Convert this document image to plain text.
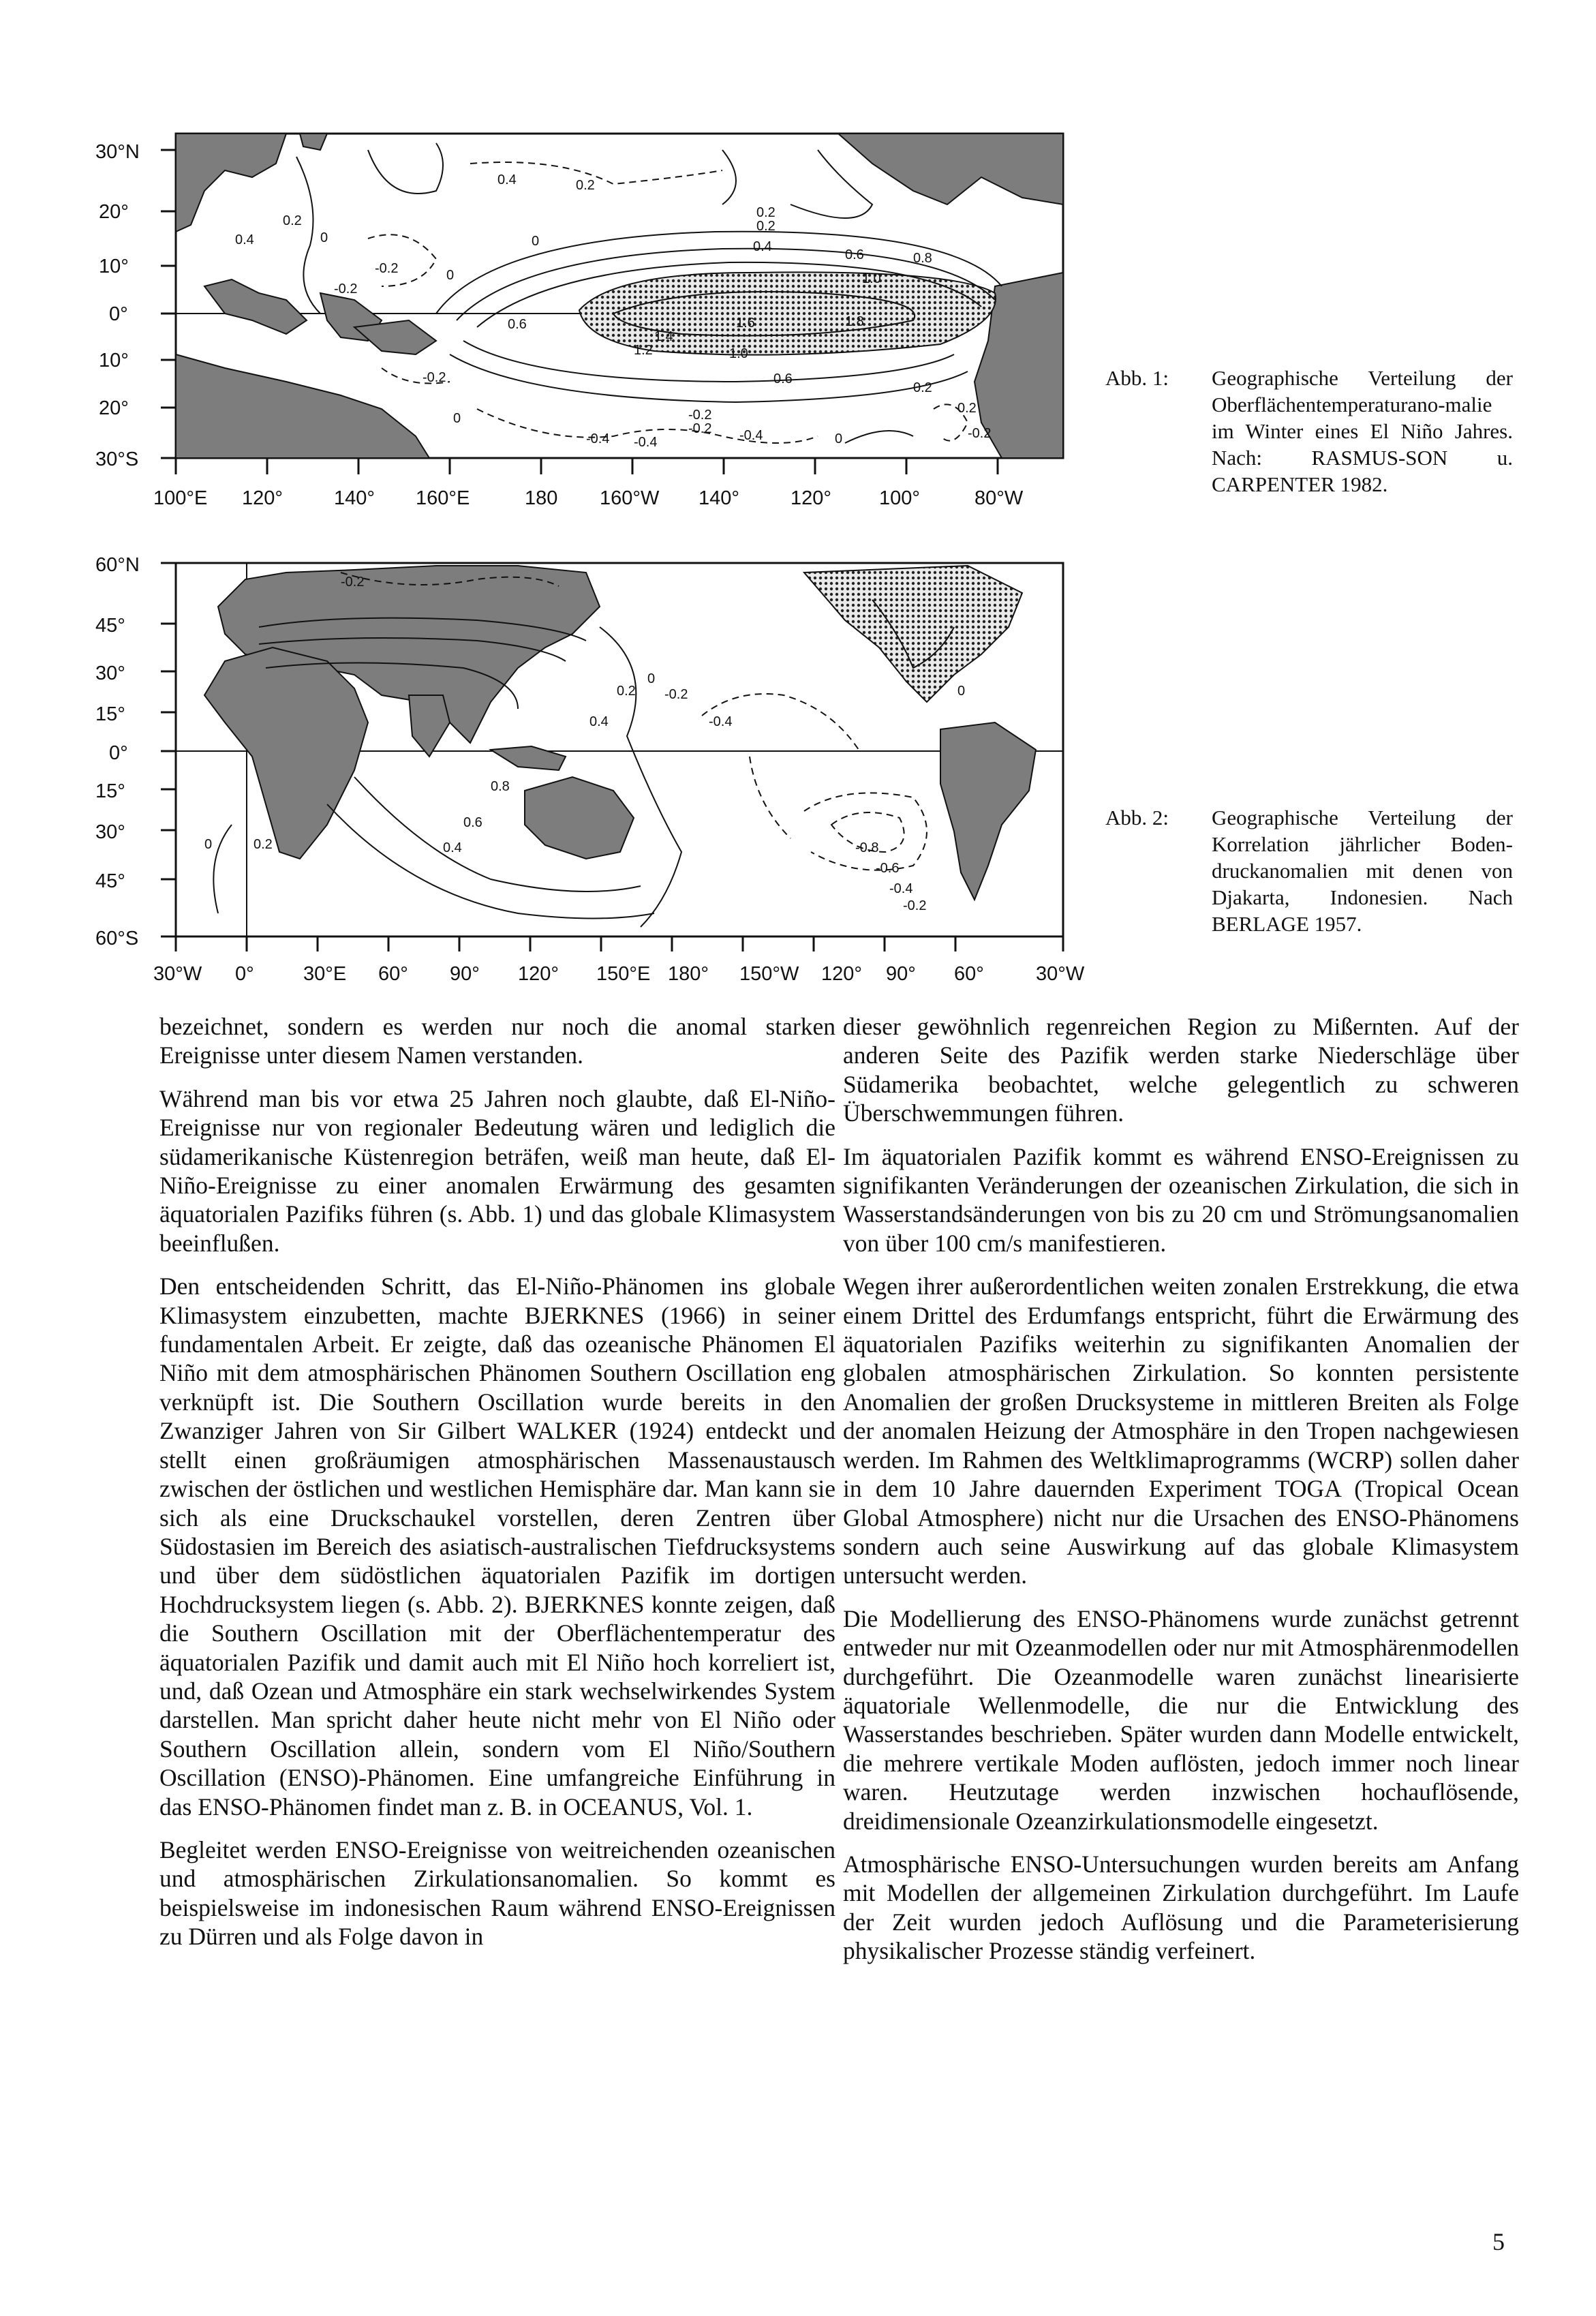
30°N
20°
10°
0°
10°
20°
30°S
100°E 120°	140° 160°E	180 160°W 140°	120° 100°	80°W
0.4
0.2
0
0.2
0.4
0.2
0
-0.2
-0.2
0
0.6
0.2
0.4
0.6	0.8
1.0
1.2
1.4
1.6	1.8
1.0
0.6
0.2
-0.2
0	-0.2
-0.4 -0.4
-0.2 -0.4	0
0.2
-0.2
Abb. 1: Geographische Verteilung der Oberflächentemperaturano-malie im Winter eines El Niño Jahres. Nach: RASMUS-SON u. CARPENTER 1982.
60°N
45°
30°
15°
0°
15°
30°
45°
60°S
30°W 0° 30°E 60° 90° 120° 150°E 180° 150°W 120° 90° 60°	30°W
-0.2
0.2
0
-0.2
0.4	-0.4
0
0.8
0.6
0.4
0	0.2	-0.8
-0.6
-0.4
-0.2
Abb. 2: Geographische Verteilung der Korrelation jährlicher Boden-druckanomalien mit denen von Djakarta, Indonesien. Nach BERLAGE 1957.

bezeichnet, sondern es werden nur noch die anomal starken Ereignisse unter diesem Namen verstanden.

Während man bis vor etwa 25 Jahren noch glaubte, daß El-Niño-Ereignisse nur von regionaler Bedeutung wären und lediglich die südamerikanische Küstenregion beträfen, weiß man heute, daß El-Niño-Ereignisse zu einer anomalen Erwärmung des gesamten äquatorialen Pazifiks führen (s. Abb. 1) und das globale Klimasystem beeinflußen.

Den entscheidenden Schritt, das El-Niño-Phänomen ins globale Klimasystem einzubetten, machte BJERKNES (1966) in seiner fundamentalen Arbeit. Er zeigte, daß das ozeanische Phänomen El Niño mit dem atmosphärischen Phänomen Southern Oscillation eng verknüpft ist. Die Southern Oscillation wurde bereits in den Zwanziger Jahren von Sir Gilbert WALKER (1924) entdeckt und stellt einen großräumigen atmosphärischen Massenaustausch zwischen der östlichen und westlichen Hemisphäre dar. Man kann sie sich als eine Druckschaukel vorstellen, deren Zentren über Südostasien im Bereich des asiatisch-australischen Tiefdrucksystems und über dem südöstlichen äquatorialen Pazifik im dortigen Hochdrucksystem liegen (s. Abb. 2). BJERKNES konnte zeigen, daß die Southern Oscillation mit der Oberflächentemperatur des äquatorialen Pazifik und damit auch mit El Niño hoch korreliert ist, und, daß Ozean und Atmosphäre ein stark wechselwirkendes System darstellen. Man spricht daher heute nicht mehr von El Niño oder Southern Oscillation allein, sondern vom El Niño/Southern Oscillation (ENSO)-Phänomen. Eine umfangreiche Einführung in das ENSO-Phänomen findet man z. B. in OCEANUS, Vol. 1.

Begleitet werden ENSO-Ereignisse von weitreichenden ozeanischen und atmosphärischen Zirkulationsanomalien. So kommt es beispielsweise im indonesischen Raum während ENSO-Ereignissen zu Dürren und als Folge davon in

dieser gewöhnlich regenreichen Region zu Mißernten. Auf der anderen Seite des Pazifik werden starke Niederschläge über Südamerika beobachtet, welche gelegentlich zu schweren Überschwemmungen führen.

Im äquatorialen Pazifik kommt es während ENSO-Ereignissen zu signifikanten Veränderungen der ozeanischen Zirkulation, die sich in Wasserstandsänderungen von bis zu 20 cm und Strömungsanomalien von über 100 cm/s manifestieren.

Wegen ihrer außerordentlichen weiten zonalen Erstrekkung, die etwa einem Drittel des Erdumfangs entspricht, führt die Erwärmung des äquatorialen Pazifiks weiterhin zu signifikanten Anomalien der globalen atmosphärischen Zirkulation. So konnten persistente Anomalien der großen Drucksysteme in mittleren Breiten als Folge der anomalen Heizung der Atmosphäre in den Tropen nachgewiesen werden. Im Rahmen des Weltklimaprogramms (WCRP) sollen daher in dem 10 Jahre dauernden Experiment TOGA (Tropical Ocean Global Atmosphere) nicht nur die Ursachen des ENSO-Phänomens sondern auch seine Auswirkung auf das globale Klimasystem untersucht werden.

Die Modellierung des ENSO-Phänomens wurde zunächst getrennt entweder nur mit Ozeanmodellen oder nur mit Atmosphärenmodellen durchgeführt. Die Ozeanmodelle waren zunächst linearisierte äquatoriale Wellenmodelle, die nur die Entwicklung des Wasserstandes beschrieben. Später wurden dann Modelle entwickelt, die mehrere vertikale Moden auflösten, jedoch immer noch linear waren. Heutzutage werden inzwischen hochauflösende, dreidimensionale Ozeanzirkulationsmodelle eingesetzt.

Atmosphärische ENSO-Untersuchungen wurden bereits am Anfang mit Modellen der allgemeinen Zirkulation durchgeführt. Im Laufe der Zeit wurden jedoch Auflösung und die Parameterisierung physikalischer Prozesse ständig verfeinert.

5
